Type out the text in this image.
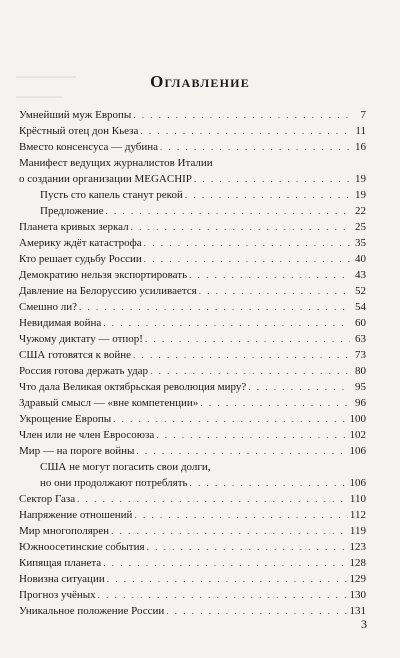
Оглавление
Умнейший муж Европы . . .	7
Крёстный отец дон Кьеза . . .	11
Вместо консенсуса — дубина . . .	16
Манифест ведущих журналистов Италии
о создании организации MEGACHIP . . .	19
Пусть сто капель станут рекой . . .	19
Предложение . . .	22
Планета кривых зеркал . . .	25
Америку ждёт катастрофа . . .	35
Кто решает судьбу России . . .	40
Демократию нельзя экспортировать . . .	43
Давление на Белоруссию усиливается . . .	52
Смешно ли? . . .	54
Невидимая война . . .	60
Чужому диктату — отпор! . . .	63
США готовятся к войне . . .	73
Россия готова держать удар . . .	80
Что дала Великая октябрьская революция миру? . . .	95
Здравый смысл — «вне компетенции» . . .	96
Укрощение Европы . . .	100
Член или не член Евросоюза . . .	102
Мир — на пороге войны . . .	106
США не могут погасить свои долги,
но они продолжают потреблять . . .	106
Сектор Газа . . .	110
Напряжение отношений . . .	112
Мир многополярен . . .	119
Южноосетинские события . . .	123
Кипящая планета . . .	128
Новизна ситуации . . .	129
Прогноз учёных . . .	130
Уникальное положение России . . .	131
3
